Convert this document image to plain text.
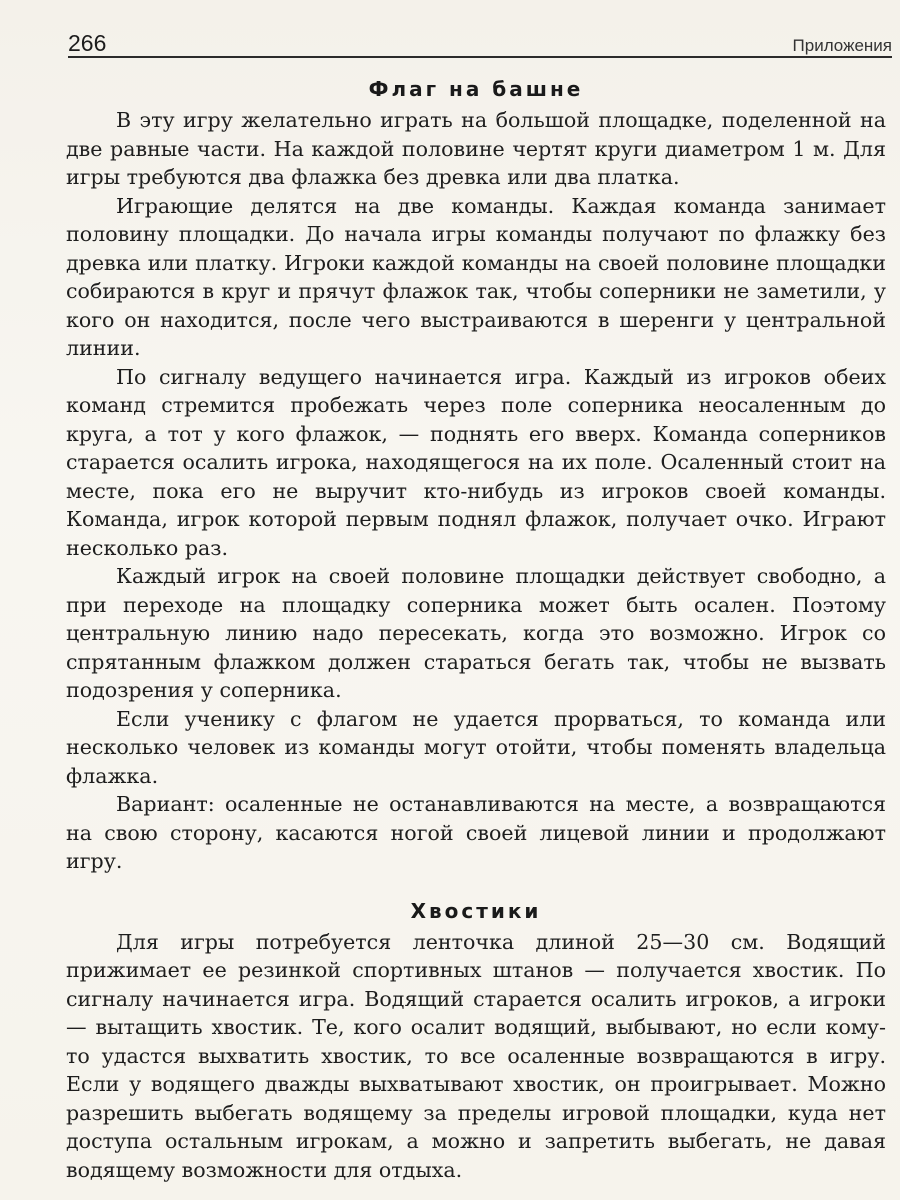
266	Приложения
Флаг на башне

В эту игру желательно играть на большой площадке, поделенной на две равные части. На каждой половине чертят круги диаметром 1 м. Для игры требуются два флажка без древка или два платка.

Играющие делятся на две команды. Каждая команда занимает половину площадки. До начала игры команды получают по флажку без древка или платку. Игроки каждой команды на своей половине площадки собираются в круг и прячут флажок так, чтобы соперники не заметили, у кого он находится, после чего выстраиваются в шеренги у центральной линии.

По сигналу ведущего начинается игра. Каждый из игроков обеих команд стремится пробежать через поле соперника неосаленным до круга, а тот у кого флажок, — поднять его вверх. Команда соперников старается осалить игрока, находящегося на их поле. Осаленный стоит на месте, пока его не выручит кто-нибудь из игроков своей команды. Команда, игрок которой первым поднял флажок, получает очко. Играют несколько раз.

Каждый игрок на своей половине площадки действует свободно, а при переходе на площадку соперника может быть осален. Поэтому центральную линию надо пересекать, когда это возможно. Игрок со спрятанным флажком должен стараться бегать так, чтобы не вызвать подозрения у соперника.

Если ученику с флагом не удается прорваться, то команда или несколько человек из команды могут отойти, чтобы поменять владельца флажка.

Вариант: осаленные не останавливаются на месте, а возвращаются на свою сторону, касаются ногой своей лицевой линии и продолжают игру.

Хвостики

Для игры потребуется ленточка длиной 25—30 см. Водящий прижимает ее резинкой спортивных штанов — получается хвостик. По сигналу начинается игра. Водящий старается осалить игроков, а игроки — вытащить хвостик. Те, кого осалит водящий, выбывают, но если кому-то удастся выхватить хвостик, то все осаленные возвращаются в игру. Если у водящего дважды выхватывают хвостик, он проигрывает. Можно разрешить выбегать водящему за пределы игровой площадки, куда нет доступа остальным игрокам, а можно и запретить выбегать, не давая водящему возможности для отдыха.
